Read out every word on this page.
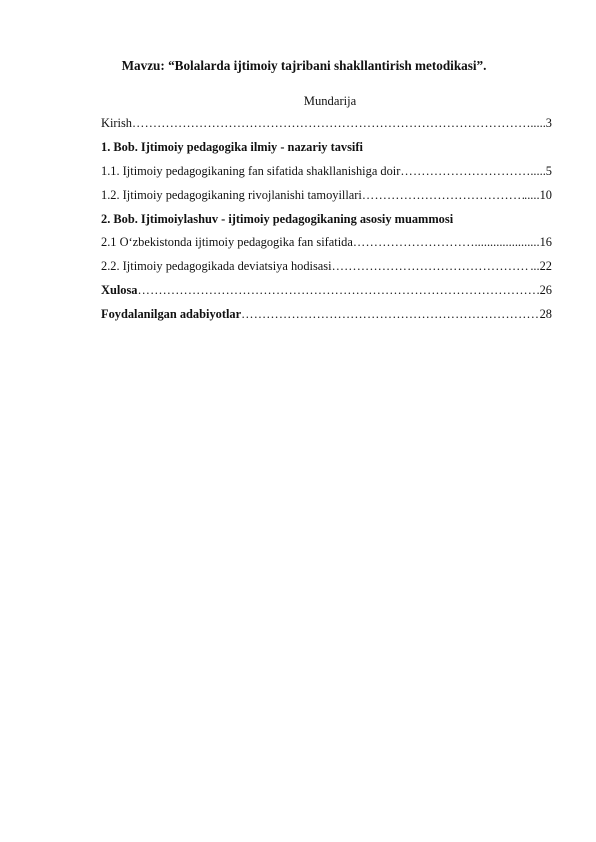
Mavzu: “Bolalarda ijtimoiy tajribani shakllantirish metodikasi”.

Mundarija

Kirish ……………………………………………………………………………………………………………………………………………………………………………	.....3
1. Bob. Ijtimoiy pedagogika ilmiy - nazariy tavsifi
1.1. Ijtimoiy pedagogikaning fan sifatida shakllanishiga doir ……………………………………………………………………………………………………………………………………………………………………………	.....5
1.2. Ijtimoiy pedagogikaning rivojlanishi tamoyillari ……………………………………………………………………………………………………………………………………………………………………………	.....10
2. Bob. Ijtimoiylashuv - ijtimoiy pedagogikaning asosiy muammosi
2.1 O‘zbekistonda ijtimoiy pedagogika fan sifatida ……………………………………………………………………………………………………………………………………………………………………………	.....................16
2.2. Ijtimoiy pedagogikada deviatsiya hodisasi ……………………………………………………………………………………………………………………………………………………………………………	...22
Xulosa ……………………………………………………………………………………………………………………………………………………………………………	26
Foydalanilgan adabiyotlar ……………………………………………………………………………………………………………………………………………………………………………	28
